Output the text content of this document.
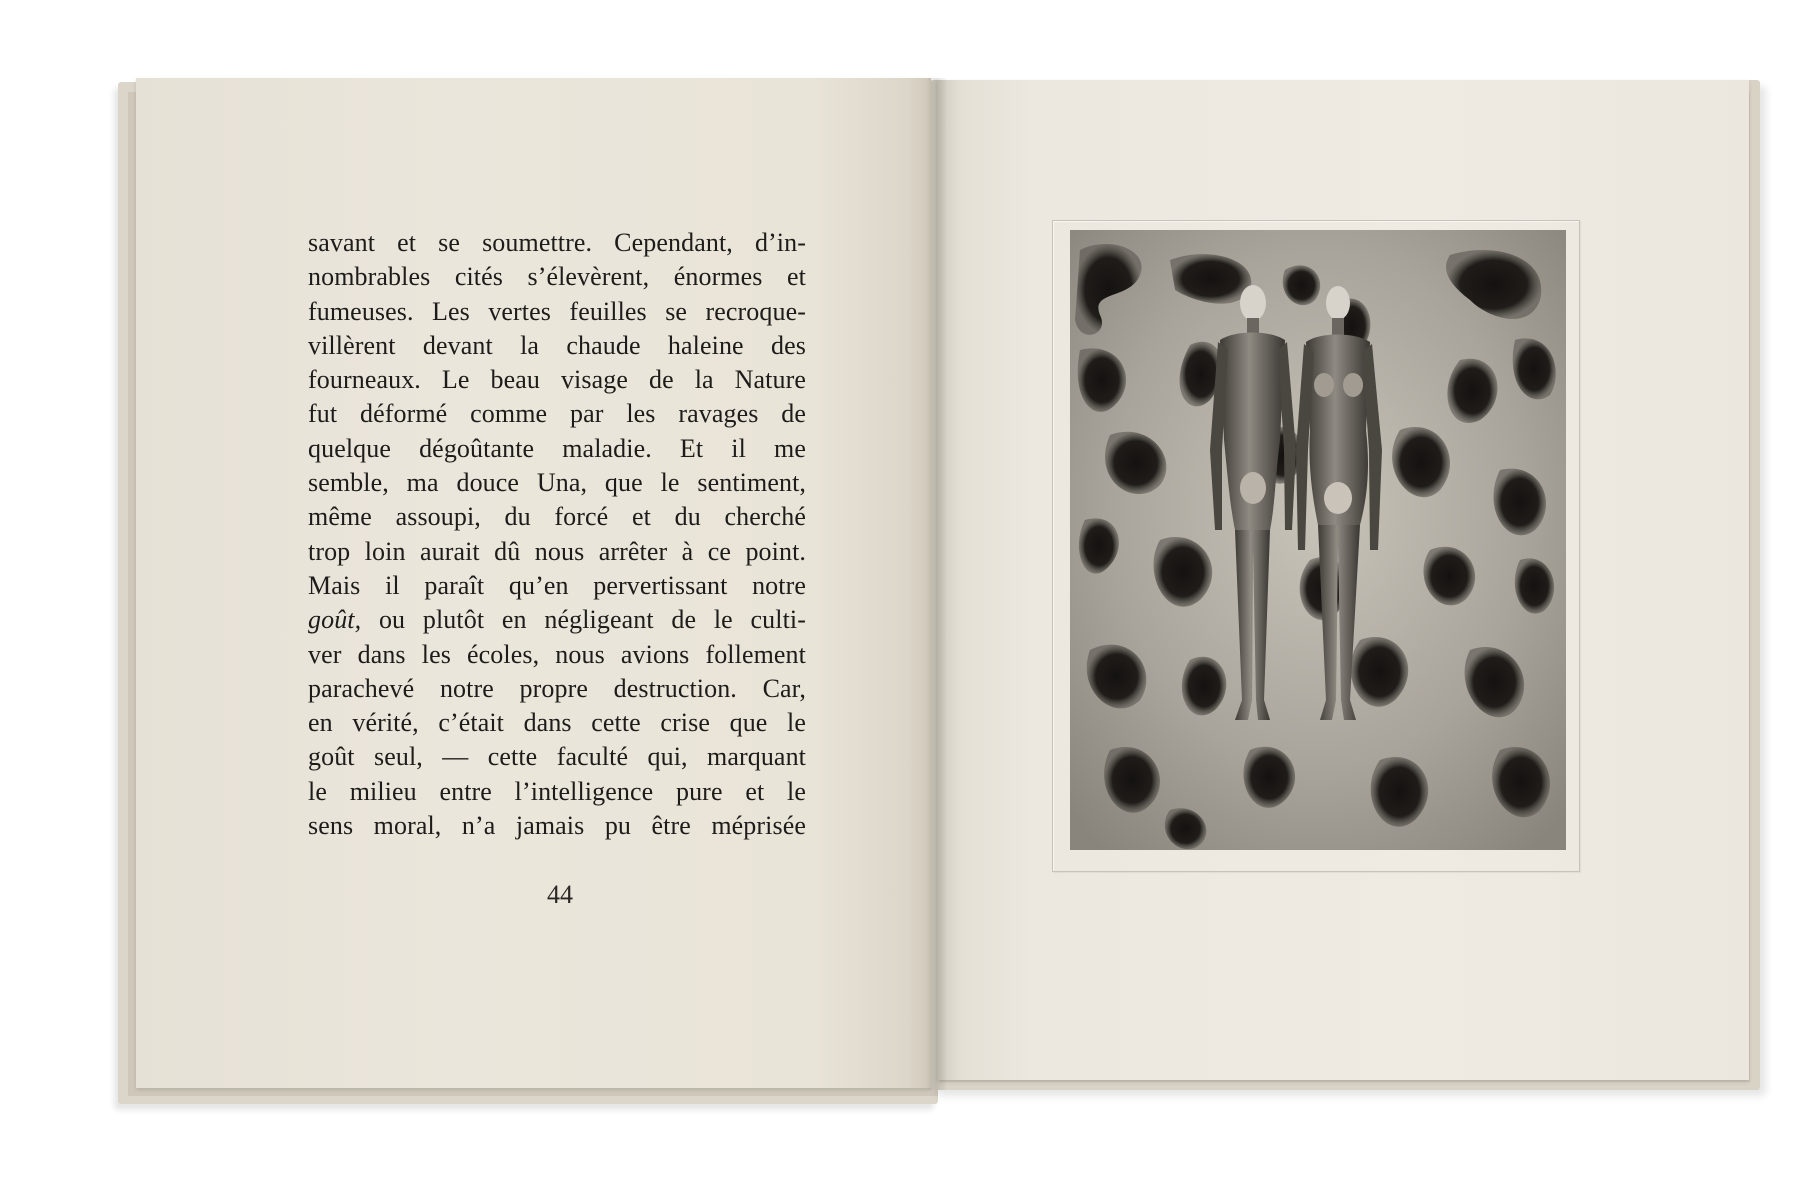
savant et se soumettre. Cependant, d’in-
nombrables cités s’élevèrent, énormes et
fumeuses. Les vertes feuilles se recroque-
villèrent devant la chaude haleine des
fourneaux. Le beau visage de la Nature
fut déformé comme par les ravages de
quelque dégoûtante maladie. Et il me
semble, ma douce Una, que le sentiment,
même assoupi, du forcé et du cherché
trop loin aurait dû nous arrêter à ce point.
Mais il paraît qu’en pervertissant notre
goût, ou plutôt en négligeant de le culti-
ver dans les écoles, nous avions follement
parachevé notre propre destruction. Car,
en vérité, c’était dans cette crise que le
goût seul, — cette faculté qui, marquant
le milieu entre l’intelligence pure et le
sens moral, n’a jamais pu être méprisée
44
